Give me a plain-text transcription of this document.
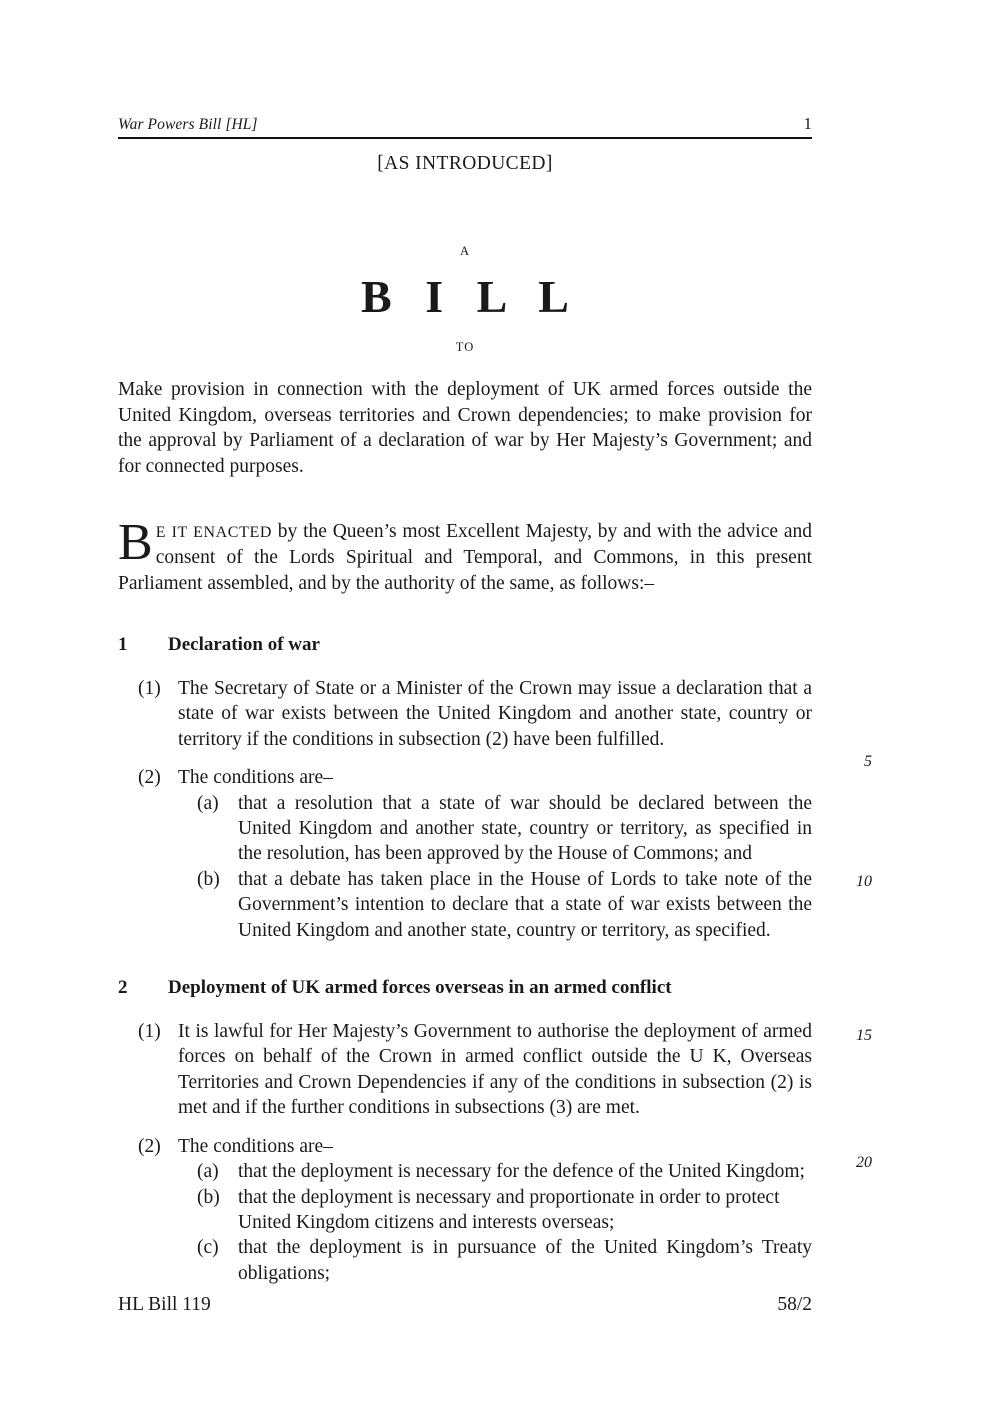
War Powers Bill [HL]	1

[AS INTRODUCED]

A

B I L L

TO

Make provision in connection with the deployment of UK armed forces outside the United Kingdom, overseas territories and Crown dependencies; to make provision for the approval by Parliament of a declaration of war by Her Majesty’s Government; and for connected purposes.

B E IT ENACTED by the Queen’s most Excellent Majesty, by and with the advice and consent of the Lords Spiritual and Temporal, and Commons, in this present Parliament assembled, and by the authority of the same, as follows:–

1 Declaration of war

(1) The Secretary of State or a Minister of the Crown may issue a declaration that a state of war exists between the United Kingdom and another state, country or territory if the conditions in subsection (2) have been fulfilled.

(2) The conditions are–

(a) that a resolution that a state of war should be declared between the United Kingdom and another state, country or territory, as specified in the resolution, has been approved by the House of Commons; and

(b) that a debate has taken place in the House of Lords to take note of the Government’s intention to declare that a state of war exists between the United Kingdom and another state, country or territory, as specified.

2 Deployment of UK armed forces overseas in an armed conflict

(1) It is lawful for Her Majesty’s Government to authorise the deployment of armed forces on behalf of the Crown in armed conflict outside the U K, Overseas Territories and Crown Dependencies if any of the conditions in subsection (2) is met and if the further conditions in subsections (3) are met.

(2) The conditions are–

(a) that the deployment is necessary for the defence of the United Kingdom;

(b) that the deployment is necessary and proportionate in order to protect United Kingdom citizens and interests overseas;

(c) that the deployment is in pursuance of the United Kingdom’s Treaty obligations;

5
10
15
20
HL Bill 119	58/2
